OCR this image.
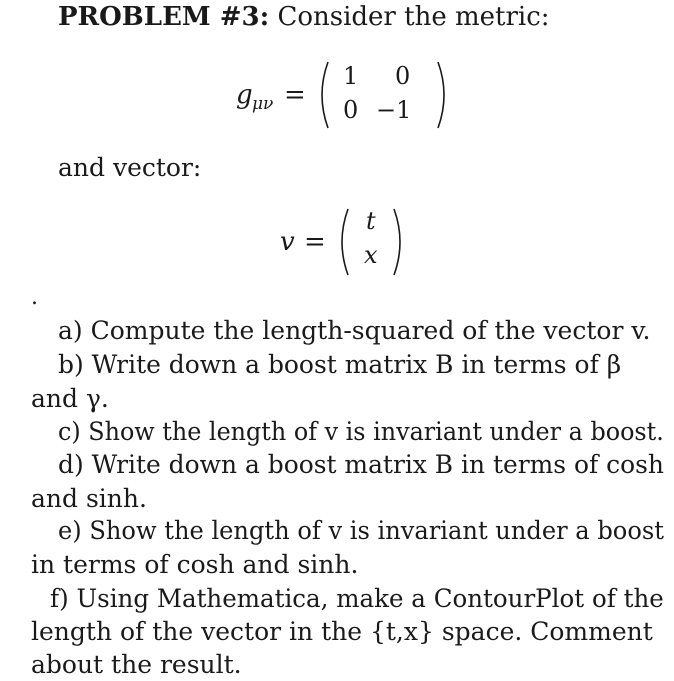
PROBLEM #3: Consider the metric:
g μν =
1 0
0 −1
and vector:
v =
t
x
.
a) Compute the length-squared of the vector v.
b) Write down a boost matrix B in terms of β
and γ.
c) Show the length of v is invariant under a boost.
d) Write down a boost matrix B in terms of cosh
and sinh.
e) Show the length of v is invariant under a boost
in terms of cosh and sinh.
f) Using Mathematica, make a ContourPlot of the
length of the vector in the {t,x} space. Comment
about the result.
